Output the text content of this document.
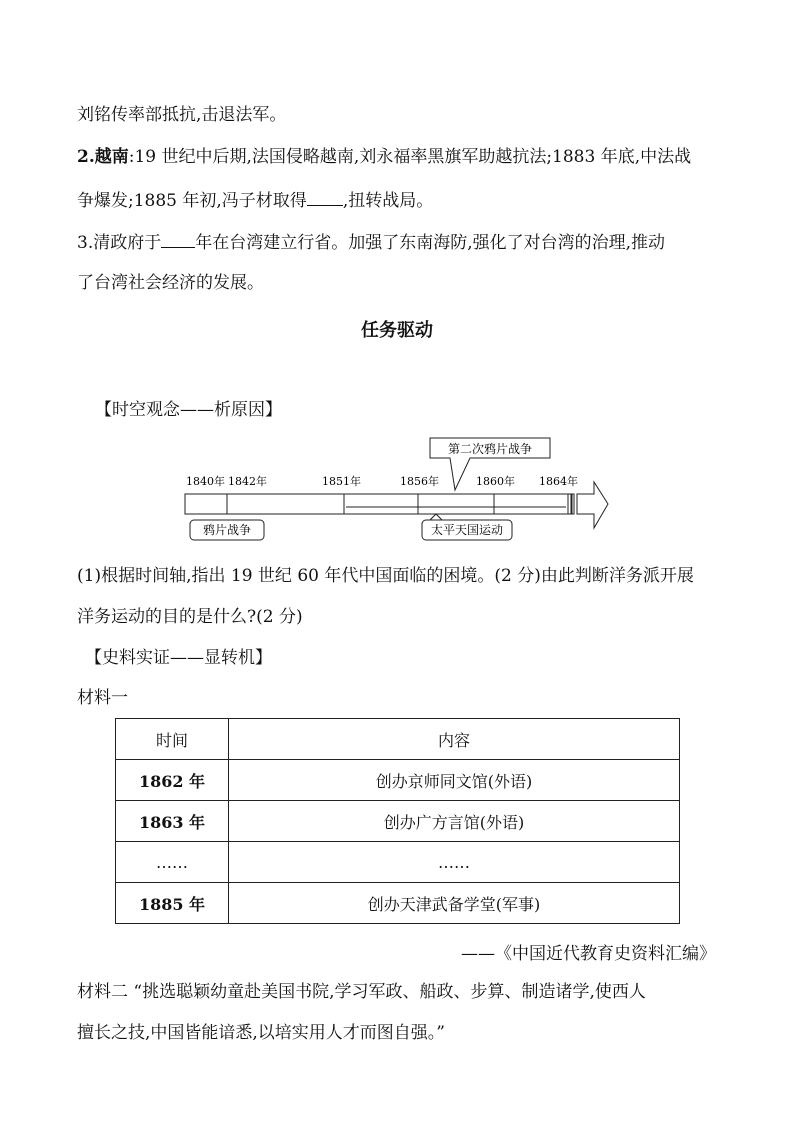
刘铭传率部抵抗,击退法军。
2.越南:19 世纪中后期,法国侵略越南,刘永福率黑旗军助越抗法;1883 年底,中法战
争爆发;1885 年初,冯子材取得 ,扭转战局。
3.清政府于 年在台湾建立行省。加强了东南海防,强化了对台湾的治理,推动
了台湾社会经济的发展。
任务驱动
【时空观念——析原因】
第二次鸦片战争
1840年 1842年	1851年	1856年	1860年 1864年
鸦片战争	太平天国运动
(1)根据时间轴,指出 19 世纪 60 年代中国面临的困境。(2 分)由此判断洋务派开展
洋务运动的目的是什么?(2 分)
【史料实证——显转机】
材料一
时间	内容
1862 年	创办京师同文馆(外语)
1863 年	创办广方言馆(外语)
……	……
1885 年	创办天津武备学堂(军事)
——《中国近代教育史资料汇编》
材料二 “挑选聪颖幼童赴美国书院,学习军政、船政、步算、制造诸学,使西人
擅长之技,中国皆能谙悉,以培实用人才而图自强。”
